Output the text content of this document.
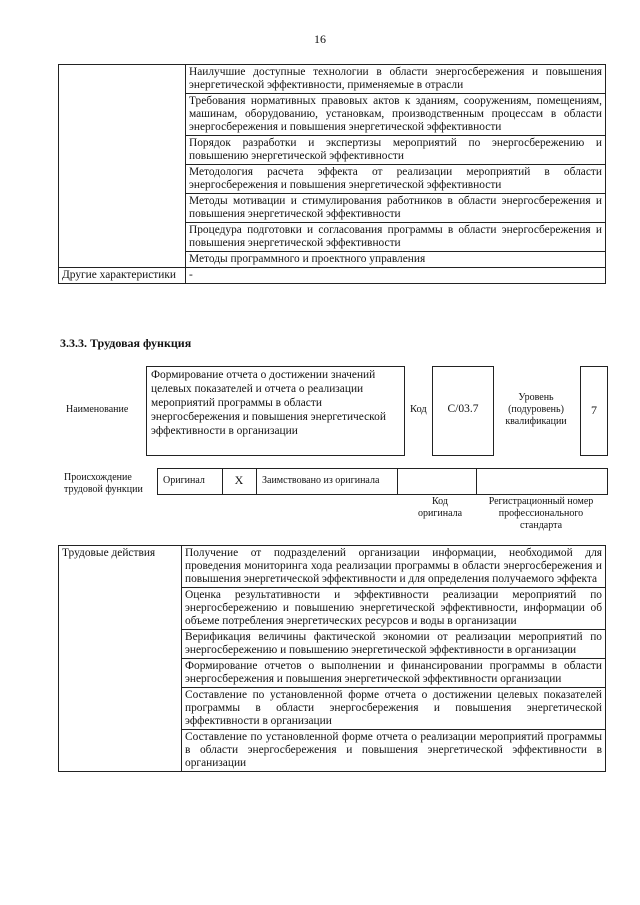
16
	Наилучшие доступные технологии в области энергосбережения и повышения энергетической эффективности, применяемые в отрасли
	Требования нормативных правовых актов к зданиям, сооружениям, помещениям, машинам, оборудованию, установкам, производственным процессам в области энергосбережения и повышения энергетической эффективности
	Порядок разработки и экспертизы мероприятий по энергосбережению и повышению энергетической эффективности
	Методология расчета эффекта от реализации мероприятий в области энергосбережения и повышения энергетической эффективности
	Методы мотивации и стимулирования работников в области энергосбережения и повышения энергетической эффективности
	Процедура подготовки и согласования программы в области энергосбережения и повышения энергетической эффективности
	Методы программного и проектного управления
Другие характеристики	-
3.3.3. Трудовая функция
Наименование
Формирование отчета о достижении значений целевых показателей и отчета о реализации мероприятий программы в области энергосбережения и повышения энергетической эффективности в организации
Код	C/03.7
Уровень (подуровень) квалификации
7
Происхождение трудовой функции
Оригинал	X	Заимствовано из оригинала
Код оригинала
Регистрационный номер профессионального стандарта
Трудовые действия	Получение от подразделений организации информации, необходимой для проведения мониторинга хода реализации программы в области энергосбережения и повышения энергетической эффективности и для определения получаемого эффекта
Оценка результативности и эффективности реализации мероприятий по энергосбережению и повышению энергетической эффективности, информации об объеме потребления энергетических ресурсов и воды в организации
Верификация величины фактической экономии от реализации мероприятий по энергосбережению и повышению энергетической эффективности в организации
Формирование отчетов о выполнении и финансировании программы в области энергосбережения и повышения энергетической эффективности организации
Составление по установленной форме отчета о достижении целевых показателей программы в области энергосбережения и повышения энергетической эффективности в организации
Составление по установленной форме отчета о реализации мероприятий программы в области энергосбережения и повышения энергетической эффективности в организации
